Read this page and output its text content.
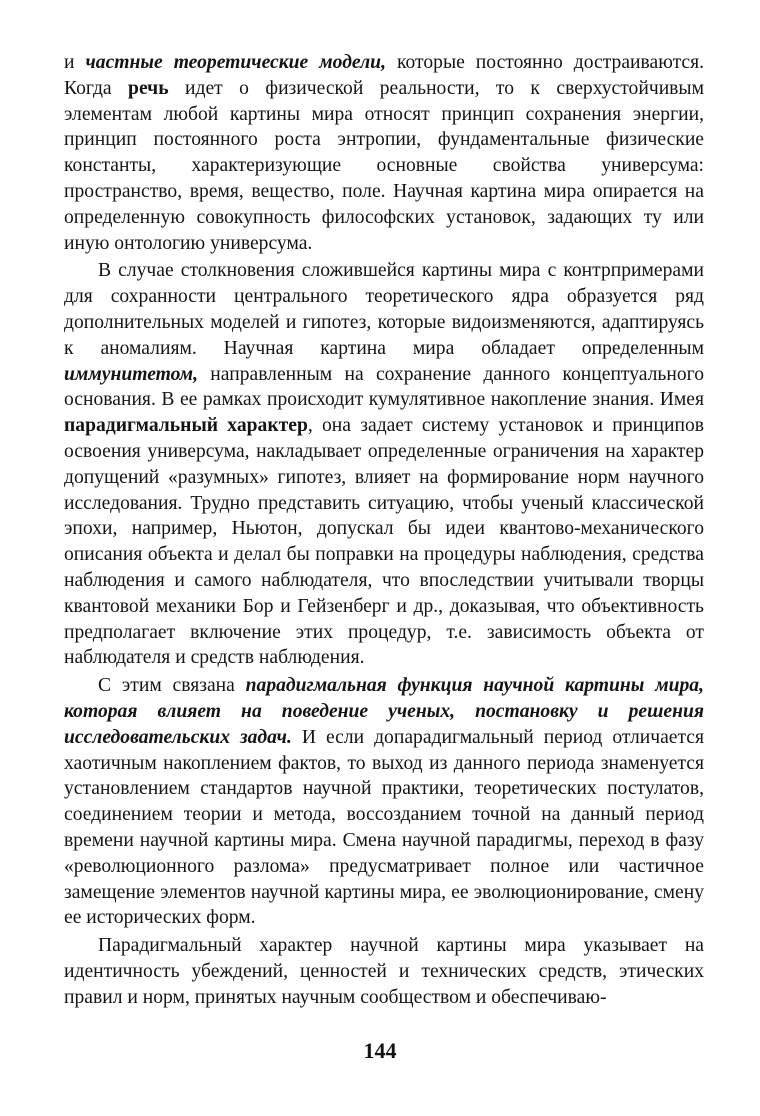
и частные теоретические модели, которые постоянно достраиваются. Когда речь идет о физической реальности, то к сверхустойчивым элементам любой картины мира относят принцип сохранения энергии, принцип постоянного роста энтропии, фундаментальные физические константы, характеризующие основные свойства универсума: пространство, время, вещество, поле. Научная картина мира опирается на определенную совокупность философских установок, задающих ту или иную онтологию универсума.

В случае столкновения сложившейся картины мира с контрпримерами для сохранности центрального теоретического ядра образуется ряд дополнительных моделей и гипотез, которые видоизменяются, адаптируясь к аномалиям. Научная картина мира обладает определенным иммунитетом, направленным на сохранение данного концептуального основания. В ее рамках происходит кумулятивное накопление знания. Имея парадигмальный характер, она задает систему установок и принципов освоения универсума, накладывает определенные ограничения на характер допущений «разумных» гипотез, влияет на формирование норм научного исследования. Трудно представить ситуацию, чтобы ученый классической эпохи, например, Ньютон, допускал бы идеи квантово-механического описания объекта и делал бы поправки на процедуры наблюдения, средства наблюдения и самого наблюдателя, что впоследствии учитывали творцы квантовой механики Бор и Гейзенберг и др., доказывая, что объективность предполагает включение этих процедур, т.е. зависимость объекта от наблюдателя и средств наблюдения.

С этим связана парадигмальная функция научной картины мира, которая влияет на поведение ученых, постановку и решения исследовательских задач. И если допарадигмальный период отличается хаотичным накоплением фактов, то выход из данного периода знаменуется установлением стандартов научной практики, теоретических постулатов, соединением теории и метода, воссозданием точной на данный период времени научной картины мира. Смена научной парадигмы, переход в фазу «революционного разлома» предусматривает полное или частичное замещение элементов научной картины мира, ее эволюционирование, смену ее исторических форм.

Парадигмальный характер научной картины мира указывает на идентичность убеждений, ценностей и технических средств, этических правил и норм, принятых научным сообществом и обеспечиваю-

144
